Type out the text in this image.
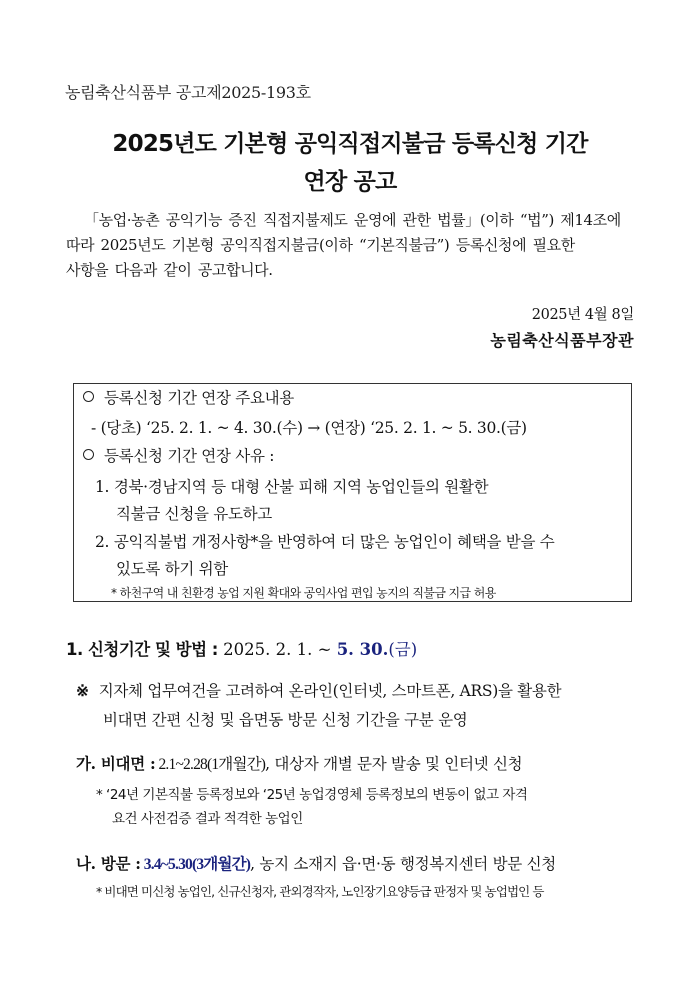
농림축산식품부 공고제2025-193호
2025년도 기본형 공익직접지불금 등록신청 기간
연장 공고

「농업·농촌 공익기능 증진 직접지불제도 운영에 관한 법률」(이하 “법”) 제14조에

따라 2025년도 기본형 공익직접지불금(이하 “기본직불금”) 등록신청에 필요한

사항을 다음과 같이 공고합니다.

2025년 4월 8일
농림축산식품부장관
등록신청 기간 연장 주요내용
- (당초) ‘25. 2. 1. ~ 4. 30.(수) → (연장) ‘25. 2. 1. ~ 5. 30.(금)
등록신청 기간 연장 사유 :
1. 경북·경남지역 등 대형 산불 피해 지역 농업인들의 원활한
직불금 신청을 유도하고
2. 공익직불법 개정사항*을 반영하여 더 많은 농업인이 혜택을 받을 수
있도록 하기 위함
* 하천구역 내 친환경 농업 지원 확대와 공익사업 편입 농지의 직불금 지급 허용
1. 신청기간 및 방법 : 2025. 2. 1. ~ 5. 30.(금)
※ 지자체 업무여건을 고려하여 온라인(인터넷, 스마트폰, ARS)을 활용한
비대면 간편 신청 및 읍면동 방문 신청 기간을 구분 운영
가. 비대면 : 2.1~2.28(1개월간), 대상자 개별 문자 발송 및 인터넷 신청
* ‘24년 기본직불 등록정보와 ‘25년 농업경영체 등록정보의 변동이 없고 자격
요건 사전검증 결과 적격한 농업인
나. 방문 : 3.4~5.30(3개월간), 농지 소재지 읍·면·동 행정복지센터 방문 신청
* 비대면 미신청 농업인, 신규신청자, 관외경작자, 노인장기요양등급 판정자 및 농업법인 등
